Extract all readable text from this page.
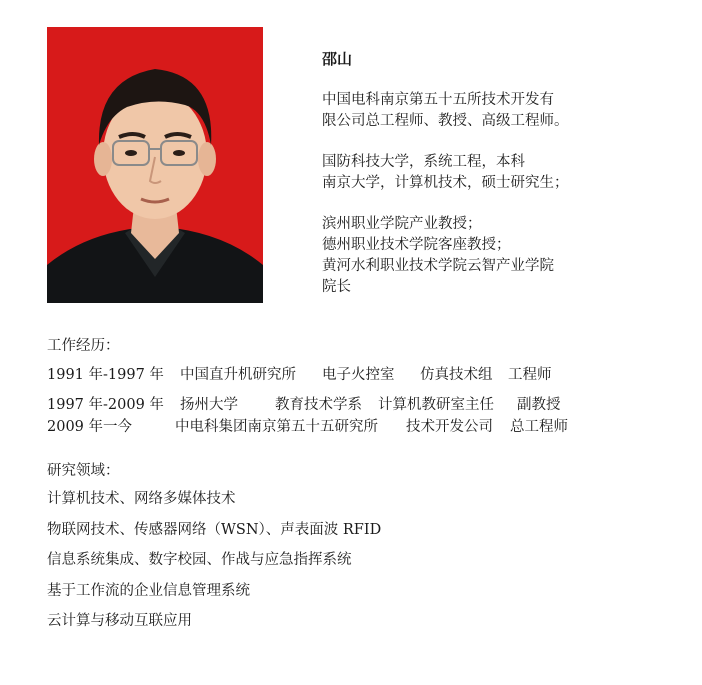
邵山
中国电科南京第五十五所技术开发有
限公司总工程师、教授、高级工程师。
国防科技大学，系统工程，本科
南京大学，计算机技术，硕士研究生；
滨州职业学院产业教授；
德州职业技术学院客座教授；
黄河水利职业技术学院云智产业学院
院长
工作经历：
1991 年-1997 年 中国直升机研究所 电子火控室 仿真技术组 工程师
1997 年-2009 年 扬州大学	教育技术学系 计算机教研室主任 副教授
2009 年一今	中电科集团南京第五十五研究所 技术开发公司 总工程师
研究领域：
计算机技术、网络多媒体技术
物联网技术、传感器网络（WSN）、声表面波 RFID
信息系统集成、数字校园、作战与应急指挥系统
基于工作流的企业信息管理系统
云计算与移动互联应用
